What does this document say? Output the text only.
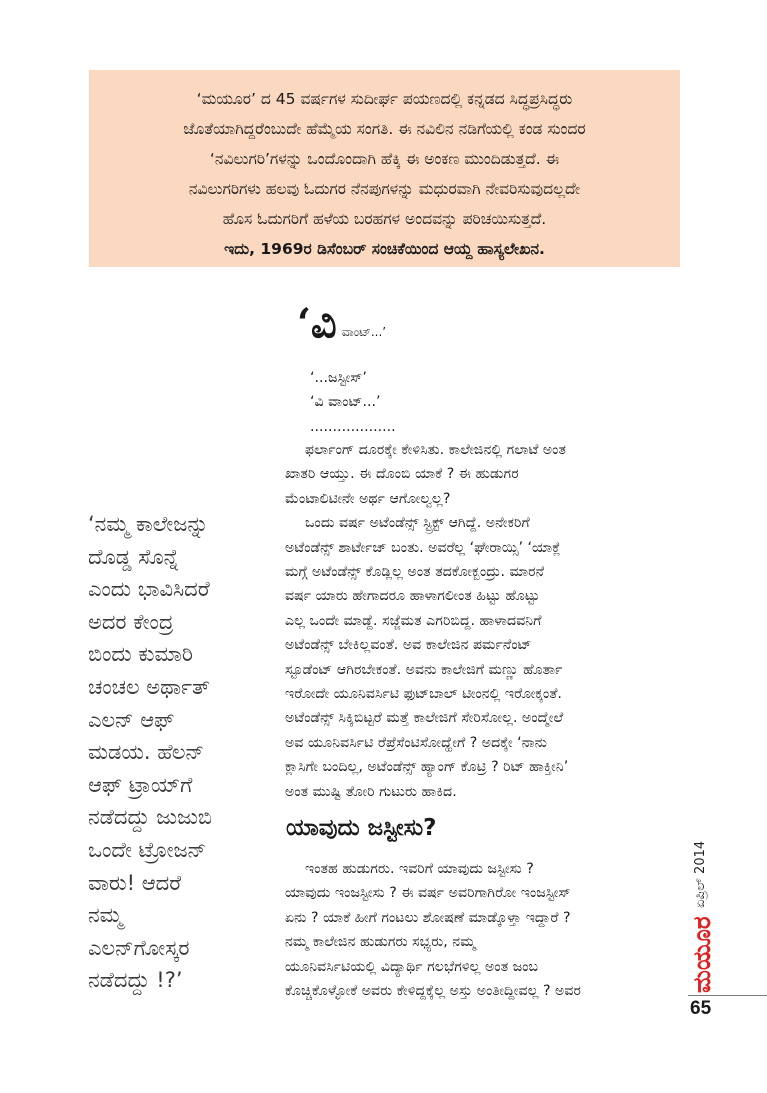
‘ಮಯೂರ’ ದ 45 ವರ್ಷಗಳ ಸುದೀರ್ಘ ಪಯಣದಲ್ಲಿ ಕನ್ನಡದ ಸಿದ್ಧಪ್ರಸಿದ್ಧರು
ಜೊತೆಯಾಗಿದ್ದರೆಂಬುದೇ ಹೆಮ್ಮೆಯ ಸಂಗತಿ. ಈ ನವಿಲಿನ ನಡಿಗೆಯಲ್ಲಿ ಕಂಡ ಸುಂದರ
‘ನವಿಲುಗರಿ’ಗಳನ್ನು ಒಂದೊಂದಾಗಿ ಹೆಕ್ಕಿ ಈ ಅಂಕಣ ಮುಂದಿಡುತ್ತದೆ. ಈ
ನವಿಲುಗರಿಗಳು ಹಲವು ಓದುಗರ ನೆನಪುಗಳನ್ನು ಮಧುರವಾಗಿ ನೇವರಿಸುವುದಲ್ಲದೇ
ಹೊಸ ಓದುಗರಿಗೆ ಹಳೆಯ ಬರಹಗಳ ಅಂದವನ್ನು ಪರಿಚಯಿಸುತ್ತದೆ.
ಇದು, 1969ರ ಡಿಸೆಂಬರ್ ಸಂಚಿಕೆಯಿಂದ ಆಯ್ದ ಹಾಸ್ಯಲೇಖನ.
‘ವಿ ವಾಂಟ್...’
‘ನಮ್ಮ ಕಾಲೇಜನ್ನು
ದೊಡ್ಡ ಸೊನ್ನೆ
ಎಂದು ಭಾವಿಸಿದರೆ
ಅದರ ಕೇಂದ್ರ
ಬಿಂದು ಕುಮಾರಿ
ಚಂಚಲ ಅರ್ಥಾತ್
ಎಲನ್ ಆಫ್
ಮಡಯ. ಹೆಲನ್
ಆಫ್ ಟ್ರಾಯ್‌ಗೆ
ನಡೆದದ್ದು ಜುಜುಬಿ
ಒಂದೇ ಟ್ರೋಜನ್
ವಾರು! ಆದರೆ
ನಮ್ಮ
ಎಲನ್‌ಗೋಸ್ಕರ
ನಡೆದದ್ದು !?’
‘...ಜಸ್ಟೀಸ್’
‘ವಿ ವಾಂಟ್...’
...................
ಫರ್ಲಾಂಗ್ ದೂರಕ್ಕೇ ಕೇಳಿಸಿತು. ಕಾಲೇಜಿನಲ್ಲಿ ಗಲಾಟೆ ಅಂತ
ಖಾತರಿ ಆಯ್ತು. ಈ ದೊಂಬಿ ಯಾಕೆ ? ಈ ಹುಡುಗರ
ಮೆಂಟಾಲಿಟೀನೇ ಅರ್ಥ ಆಗೋಲ್ವಲ್ಲ?
ಒಂದು ವರ್ಷ ಅಟೆಂಡೆನ್ಸ್ ಸ್ಟ್ರಿಕ್ಟ್ ಆಗಿದ್ದೆ. ಅನೇಕರಿಗೆ
ಅಟೆಂಡೆನ್ಸ್ ಶಾರ್ಟೇಜ್ ಬಂತು. ಅವರೆಲ್ಲ ‘ಘೇರಾಯ್ಸಿ’ ‘ಯಾಕ್ಲೆ
ಮಗ್ಗೆ ಅಟೆಂಡೆನ್ಸ್ ಕೊಡ್ಲಿಲ್ಲ ಅಂತ ತದಕೋಕ್ಬಂದ್ರು. ಮಾರನೆ
ವರ್ಷ ಯಾರು ಹೇಗಾದರೂ ಹಾಳಾಗಲೀಂತ ಹಿಟ್ಟು ಹೊಟ್ಟು
ಎಲ್ಲ ಒಂದೇ ಮಾಡ್ದೆ. ಸಜ್ಜೆಮತ ಎಗರಿಬಿದ್ದ. ಹಾಳಾದವನಿಗೆ
ಅಟೆಂಡೆನ್ಸ್ ಬೇಕಿಲ್ಲವಂತೆ. ಅವ ಕಾಲೇಜಿನ ಪರ್ಮನೆಂಟ್
ಸ್ಟೂಡೆಂಟ್ ಆಗಿರಬೇಕಂತೆ. ಅವನು ಕಾಲೇಜಿಗೆ ಮಣ್ಣು ಹೊರ್ತಾ
ಇರೋದೇ ಯೂನಿವರ್ಸಿಟಿ ಫುಟ್‌ಬಾಲ್ ಟೀಂನಲ್ಲಿ ಇರೋಕ್ಕಂತೆ.
ಅಟೆಂಡೆನ್ಸ್ ಸಿಕ್ಕಿಬಿಟ್ಟರೆ ಮತ್ತೆ ಕಾಲೇಜಿಗೆ ಸೇರಿಸೋಲ್ಲ. ಅಂದ್ಮೇಲೆ
ಅವ ಯೂನಿವರ್ಸಿಟಿ ರೆಪ್ರೆಸೆಂಟಿಸೋದ್ಹೇಗೆ ? ಅದಕ್ಕೇ ‘ನಾನು
ಕ್ಲಾಸಿಗೇ ಬಂದಿಲ್ಲ, ಅಟೆಂಡೆನ್ಸ್ ಹ್ಯಾಂಗ್ ಕೊಟ್ರಿ ? ರಿಟ್ ಹಾಕ್ತೀನಿ’
ಅಂತ ಮುಷ್ಟಿ ತೋರಿ ಗುಟುರು ಹಾಕಿದ.
ಯಾವುದು ಜಸ್ಟೀಸು?
ಇಂತಹ ಹುಡುಗರು. ಇವರಿಗೆ ಯಾವುದು ಜಸ್ಟೀಸು ?
ಯಾವುದು ಇಂಜಸ್ಟೀಸು ? ಈ ವರ್ಷ ಅವರಿಗಾಗಿರೋ ಇಂಜಸ್ಟೀಸ್
ಏನು ? ಯಾಕೆ ಹೀಗೆ ಗಂಟಲು ಶೋಷಣೆ ಮಾಡ್ಕೊಳ್ತಾ ಇದ್ದಾರೆ ?
ನಮ್ಮ ಕಾಲೇಜಿನ ಹುಡುಗರು ಸಭ್ಯರು, ನಮ್ಮ
ಯೂನಿವರ್ಸಿಟಿಯಲ್ಲಿ ವಿದ್ಯಾರ್ಥಿ ಗಲಭೆಗಳಿಲ್ಲ ಅಂತ ಜಂಬ
ಕೊಚ್ಚಿಕೊಳ್ಳೋಕೆ ಅವರು ಕೇಳಿದ್ದಕ್ಕೆಲ್ಲ ಅಸ್ತು ಅಂತೀದ್ದೀವಲ್ಲ ? ಅವರ
ಏಪ್ರಿಲ್ 2014
ಮಯೂರ
65
